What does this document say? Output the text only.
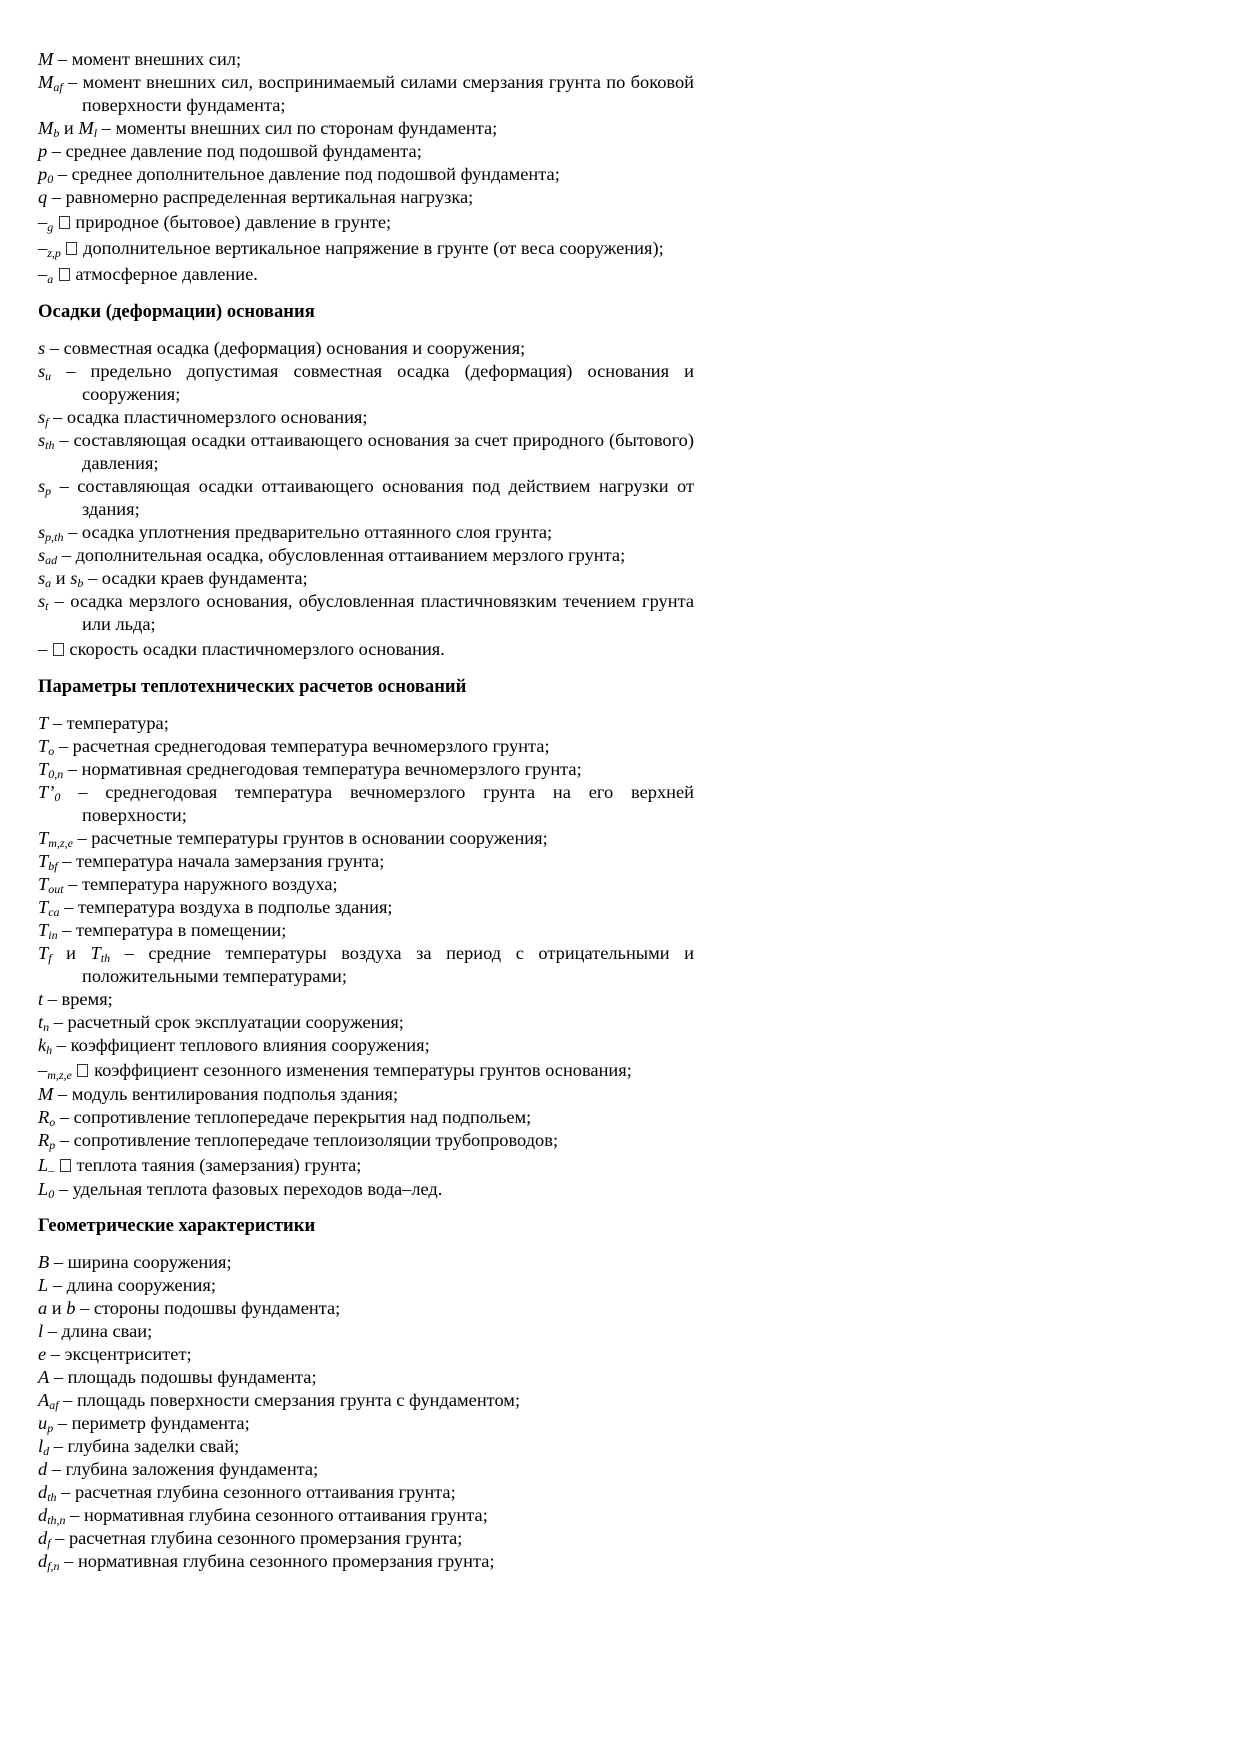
M – момент внешних сил;

$M_{af}$ – момент внешних сил, воспринимаемый силами смерзания грунта по боковой поверхности фундамента;

$M_b$ и $M_l$ – моменты внешних сил по сторонам фундамента;

p – среднее давление под подошвой фундамента;

$p_0$ – среднее дополнительное давление под подошвой фундамента;

q – равномерно распределенная вертикальная нагрузка;

$-_g$ природное (бытовое) давление в грунте;

$-_{z,p}$ дополнительное вертикальное напряжение в грунте (от веса сооружения);

$-_a$ атмосферное давление.

Осадки (деформации) основания

s – совместная осадка (деформация) основания и сооружения;

$s_u$ – предельно допустимая совместная осадка (деформация) основания и сооружения;

$s_f$ – осадка пластичномерзлого основания;

$s_{th}$ – составляющая осадки оттаивающего основания за счет природного (бытового) давления;

$s_p$ – составляющая осадки оттаивающего основания под действием нагрузки от здания;

$s_{p,th}$ – осадка уплотнения предварительно оттаянного слоя грунта;

$s_{ad}$ – дополнительная осадка, обусловленная оттаиванием мерзлого грунта;

$s_a$ и $s_b$ – осадки краев фундамента;

$s_t$ – осадка мерзлого основания, обусловленная пластичновязким течением грунта или льда;

– скорость осадки пластичномерзлого основания.

Параметры теплотехнических расчетов оснований

T – температура;

$T_o$ – расчетная среднегодовая температура вечномерзлого грунта;

$T_{0,n}$ – нормативная среднегодовая температура вечномерзлого грунта;

$T’_0$ – среднегодовая температура вечномерзлого грунта на его верхней поверхности;

$T_{m,z,e}$ – расчетные температуры грунтов в основании сооружения;

$T_{bf}$ – температура начала замерзания грунта;

$T_{out}$ – температура наружного воздуха;

$T_{ca}$ – температура воздуха в подполье здания;

$T_{in}$ – температура в помещении;

$T_f$ и $T_{th}$ – средние температуры воздуха за период с отрицательными и положительными температурами;

t – время;

$t_n$ – расчетный срок эксплуатации сооружения;

$k_h$ – коэффициент теплового влияния сооружения;

$-_{m,z,e}$ коэффициент сезонного изменения температуры грунтов основания;

M – модуль вентилирования подполья здания;

$R_o$ – сопротивление теплопередаче перекрытия над подпольем;

$R_p$ – сопротивление теплопередаче теплоизоляции трубопроводов;

$L_-$ теплота таяния (замерзания) грунта;

$L_0$ – удельная теплота фазовых переходов вода–лед.

Геометрические характеристики

B – ширина сооружения;

L – длина сооружения;

a и b – стороны подошвы фундамента;

l – длина сваи;

e – эксцентриситет;

A – площадь подошвы фундамента;

$A_{af}$ – площадь поверхности смерзания грунта с фундаментом;

$u_p$ – периметр фундамента;

$l_d$ – глубина заделки свай;

d – глубина заложения фундамента;

$d_{th}$ – расчетная глубина сезонного оттаивания грунта;

$d_{th,n}$ – нормативная глубина сезонного оттаивания грунта;

$d_f$ – расчетная глубина сезонного промерзания грунта;

$d_{f,n}$ – нормативная глубина сезонного промерзания грунта;
